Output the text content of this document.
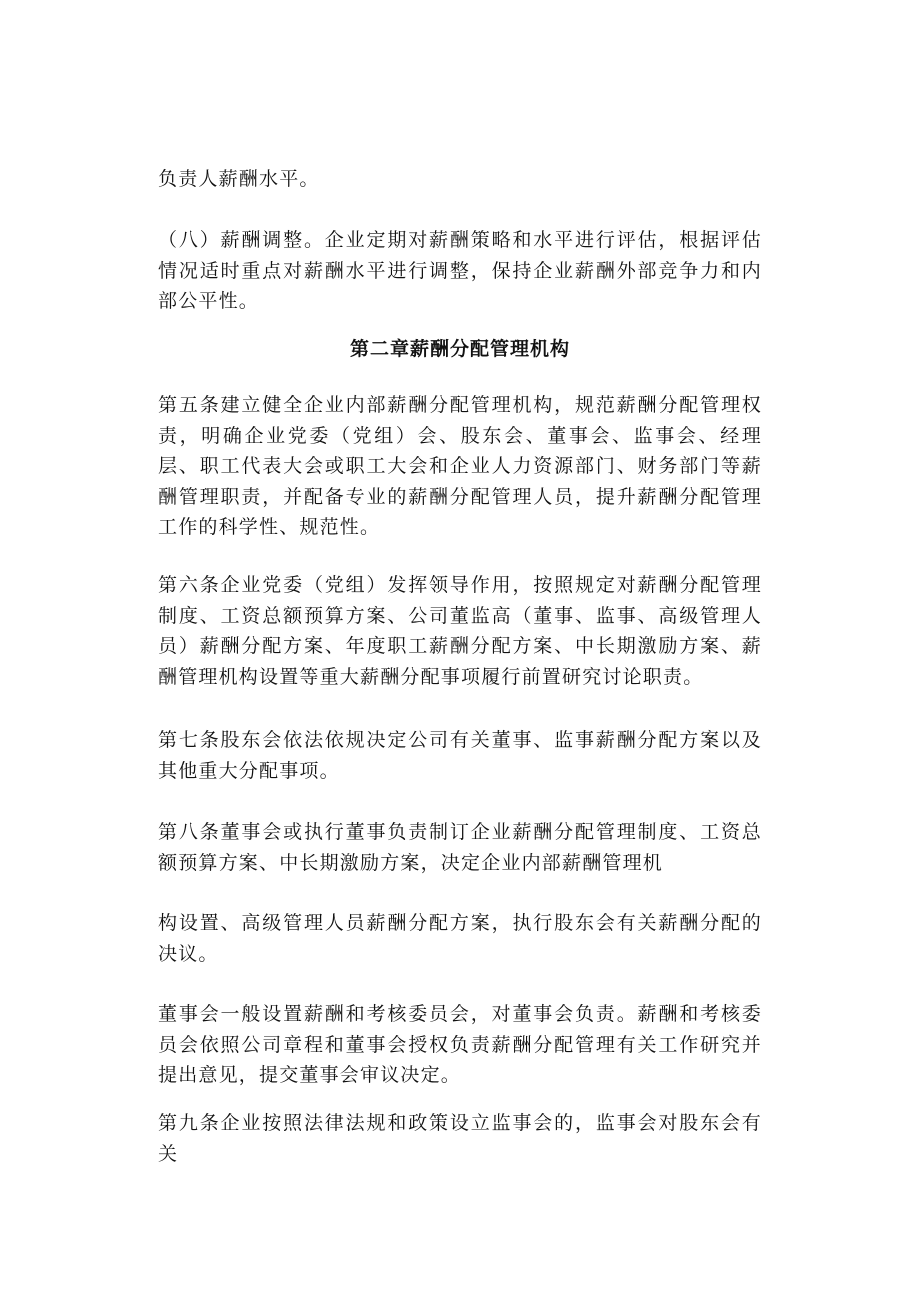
负责人薪酬水平。

（八）薪酬调整。企业定期对薪酬策略和水平进行评估，根据评估情况适时重点对薪酬水平进行调整，保持企业薪酬外部竞争力和内部公平性。

第二章薪酬分配管理机构

第五条建立健全企业内部薪酬分配管理机构，规范薪酬分配管理权责，明确企业党委（党组）会、股东会、董事会、监事会、经理层、职工代表大会或职工大会和企业人力资源部门、财务部门等薪酬管理职责，并配备专业的薪酬分配管理人员，提升薪酬分配管理工作的科学性、规范性。

第六条企业党委（党组）发挥领导作用，按照规定对薪酬分配管理制度、工资总额预算方案、公司董监高（董事、监事、高级管理人员）薪酬分配方案、年度职工薪酬分配方案、中长期激励方案、薪酬管理机构设置等重大薪酬分配事项履行前置研究讨论职责。

第七条股东会依法依规决定公司有关董事、监事薪酬分配方案以及其他重大分配事项。

第八条董事会或执行董事负责制订企业薪酬分配管理制度、工资总额预算方案、中长期激励方案，决定企业内部薪酬管理机

构设置、高级管理人员薪酬分配方案，执行股东会有关薪酬分配的决议。

董事会一般设置薪酬和考核委员会，对董事会负责。薪酬和考核委员会依照公司章程和董事会授权负责薪酬分配管理有关工作研究并提出意见，提交董事会审议决定。

第九条企业按照法律法规和政策设立监事会的，监事会对股东会有关
